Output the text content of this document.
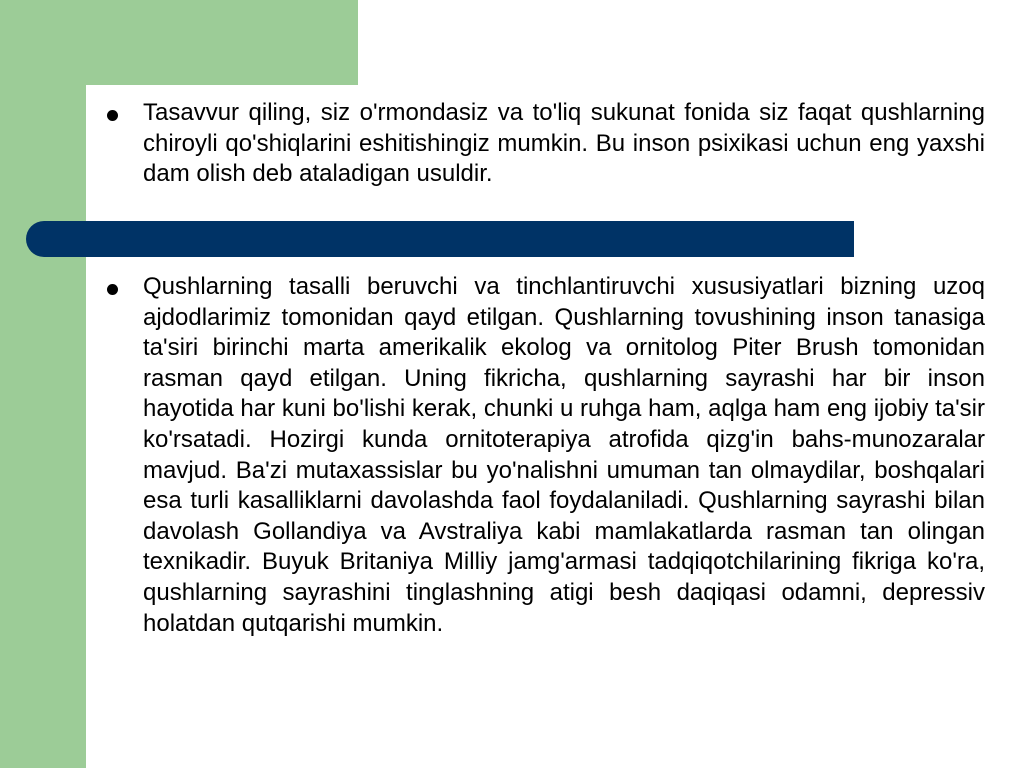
Tasavvur qiling, siz o'rmondasiz va to'liq sukunat fonida siz faqat qushlarning chiroyli qo'shiqlarini eshitishingiz mumkin. Bu inson psixikasi uchun eng yaxshi dam olish deb ataladigan usuldir.
Qushlarning tasalli beruvchi va tinchlantiruvchi xususiyatlari bizning uzoq ajdodlarimiz tomonidan qayd etilgan. Qushlarning tovushining inson tanasiga ta'siri birinchi marta amerikalik ekolog va ornitolog Piter Brush tomonidan rasman qayd etilgan. Uning fikricha, qushlarning sayrashi har bir inson hayotida har kuni bo'lishi kerak, chunki u ruhga ham, aqlga ham eng ijobiy ta'sir ko'rsatadi. Hozirgi kunda ornitoterapiya atrofida qizg'in bahs-munozaralar mavjud. Ba'zi mutaxassislar bu yo'nalishni umuman tan olmaydilar, boshqalari esa turli kasalliklarni davolashda faol foydalaniladi. Qushlarning sayrashi bilan davolash Gollandiya va Avstraliya kabi mamlakatlarda rasman tan olingan texnikadir. Buyuk Britaniya Milliy jamg'armasi tadqiqotchilarining fikriga ko'ra, qushlarning sayrashini tinglashning atigi besh daqiqasi odamni, depressiv holatdan qutqarishi mumkin.
